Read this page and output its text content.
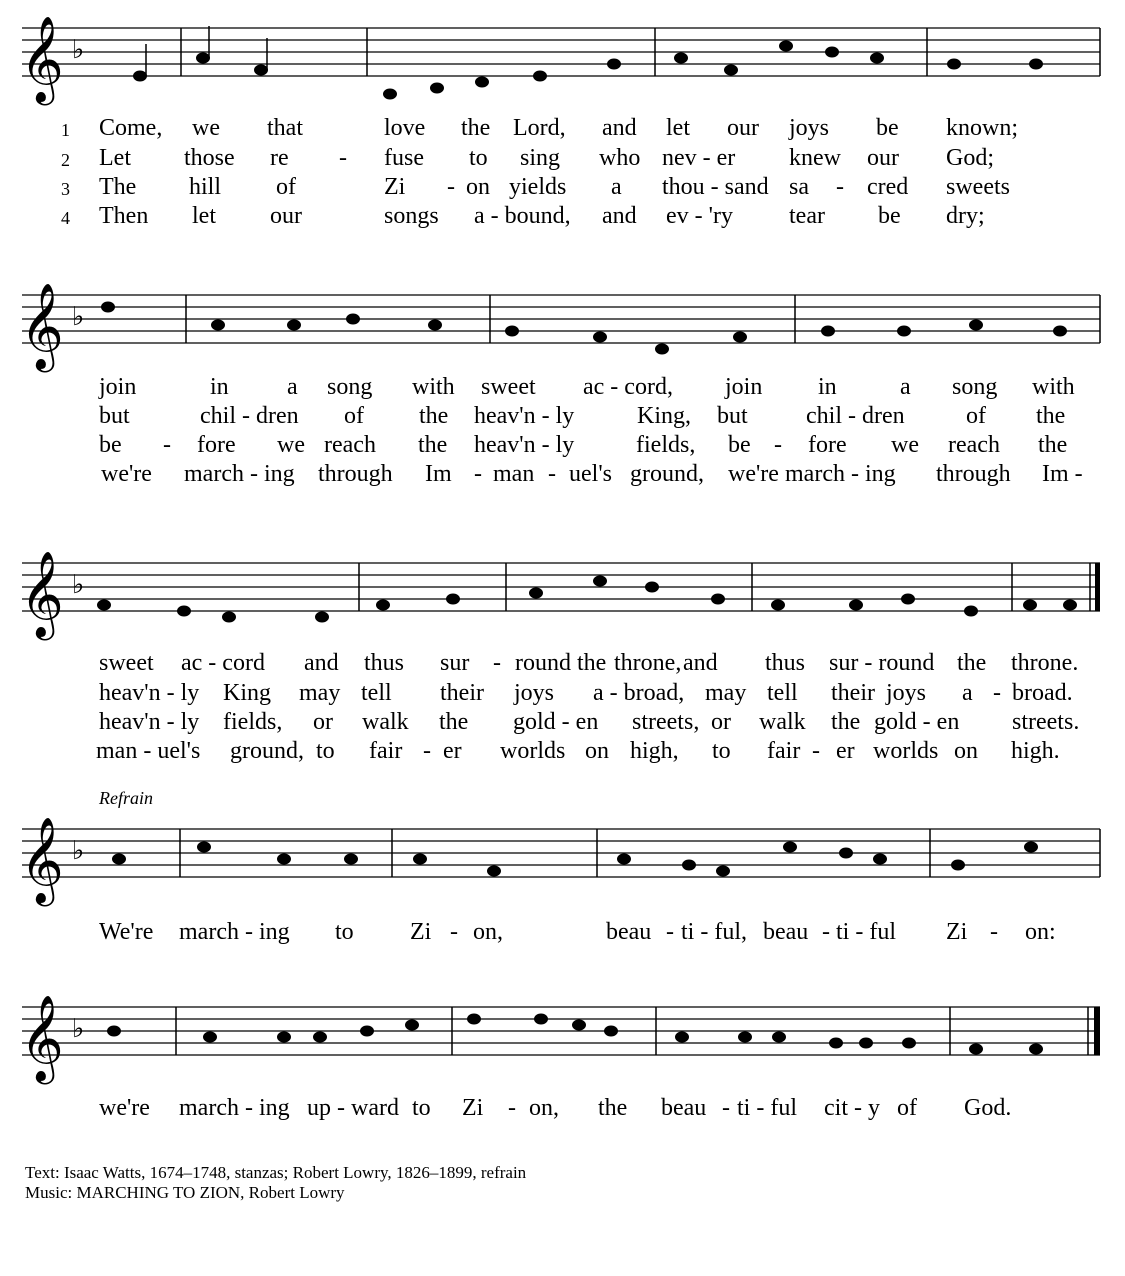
𝄞 ♭
1
2
3
4
Come, we that	love the Lord, and let our joys be known;
Let those re - fuse to sing who nev - er knew our God;
The hill of	Zi - on yields a thou - sand sa - cred sweets
Then let our	songs a - bound, and ev - 'ry tear be dry;
𝄞 ♭
join	in a song with sweet ac - cord, join in	a song with
but	chil - dren of the heav'n - ly	King, but chil - dren	of the
be - fore we reach the heav'n - ly	fields, be - fore we reach the
we're march - ing through Im - man - uel's ground, we're march - ing through Im -
𝄞 ♭
sweet ac - cord and thus sur - round the throne, and thus sur - round the throne.
heav'n - ly King may tell their joys a - broad, may tell their joys a - broad.
heav'n - ly fields, or walk the gold - en streets, or walk the gold - en streets.
man - uel's ground, to fair - er worlds on high, to fair - er worlds on high.
Refrain
𝄞 ♭
We're march - ing to Zi - on,	beau - ti - ful, beau - ti - ful Zi - on:
𝄞 ♭
we're march - ing up - ward to Zi - on, the beau - ti - ful cit - y of God.
Text: Isaac Watts, 1674–1748, stanzas; Robert Lowry, 1826–1899, refrain
Music: MARCHING TO ZION, Robert Lowry
